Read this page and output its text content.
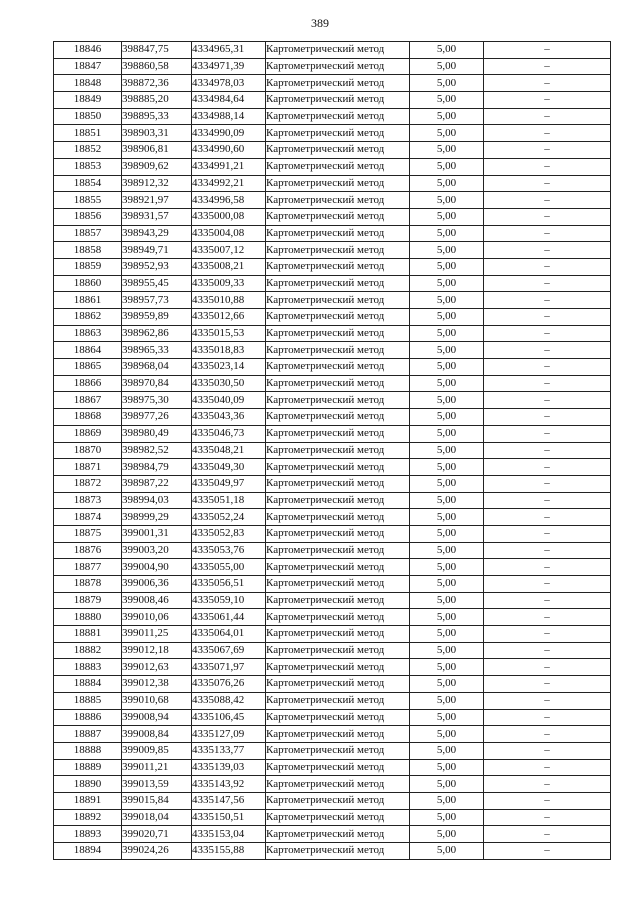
389
18846	398847,75	4334965,31	Картометрический метод	5,00	–
18847	398860,58	4334971,39	Картометрический метод	5,00	–
18848	398872,36	4334978,03	Картометрический метод	5,00	–
18849	398885,20	4334984,64	Картометрический метод	5,00	–
18850	398895,33	4334988,14	Картометрический метод	5,00	–
18851	398903,31	4334990,09	Картометрический метод	5,00	–
18852	398906,81	4334990,60	Картометрический метод	5,00	–
18853	398909,62	4334991,21	Картометрический метод	5,00	–
18854	398912,32	4334992,21	Картометрический метод	5,00	–
18855	398921,97	4334996,58	Картометрический метод	5,00	–
18856	398931,57	4335000,08	Картометрический метод	5,00	–
18857	398943,29	4335004,08	Картометрический метод	5,00	–
18858	398949,71	4335007,12	Картометрический метод	5,00	–
18859	398952,93	4335008,21	Картометрический метод	5,00	–
18860	398955,45	4335009,33	Картометрический метод	5,00	–
18861	398957,73	4335010,88	Картометрический метод	5,00	–
18862	398959,89	4335012,66	Картометрический метод	5,00	–
18863	398962,86	4335015,53	Картометрический метод	5,00	–
18864	398965,33	4335018,83	Картометрический метод	5,00	–
18865	398968,04	4335023,14	Картометрический метод	5,00	–
18866	398970,84	4335030,50	Картометрический метод	5,00	–
18867	398975,30	4335040,09	Картометрический метод	5,00	–
18868	398977,26	4335043,36	Картометрический метод	5,00	–
18869	398980,49	4335046,73	Картометрический метод	5,00	–
18870	398982,52	4335048,21	Картометрический метод	5,00	–
18871	398984,79	4335049,30	Картометрический метод	5,00	–
18872	398987,22	4335049,97	Картометрический метод	5,00	–
18873	398994,03	4335051,18	Картометрический метод	5,00	–
18874	398999,29	4335052,24	Картометрический метод	5,00	–
18875	399001,31	4335052,83	Картометрический метод	5,00	–
18876	399003,20	4335053,76	Картометрический метод	5,00	–
18877	399004,90	4335055,00	Картометрический метод	5,00	–
18878	399006,36	4335056,51	Картометрический метод	5,00	–
18879	399008,46	4335059,10	Картометрический метод	5,00	–
18880	399010,06	4335061,44	Картометрический метод	5,00	–
18881	399011,25	4335064,01	Картометрический метод	5,00	–
18882	399012,18	4335067,69	Картометрический метод	5,00	–
18883	399012,63	4335071,97	Картометрический метод	5,00	–
18884	399012,38	4335076,26	Картометрический метод	5,00	–
18885	399010,68	4335088,42	Картометрический метод	5,00	–
18886	399008,94	4335106,45	Картометрический метод	5,00	–
18887	399008,84	4335127,09	Картометрический метод	5,00	–
18888	399009,85	4335133,77	Картометрический метод	5,00	–
18889	399011,21	4335139,03	Картометрический метод	5,00	–
18890	399013,59	4335143,92	Картометрический метод	5,00	–
18891	399015,84	4335147,56	Картометрический метод	5,00	–
18892	399018,04	4335150,51	Картометрический метод	5,00	–
18893	399020,71	4335153,04	Картометрический метод	5,00	–
18894	399024,26	4335155,88	Картометрический метод	5,00	–
